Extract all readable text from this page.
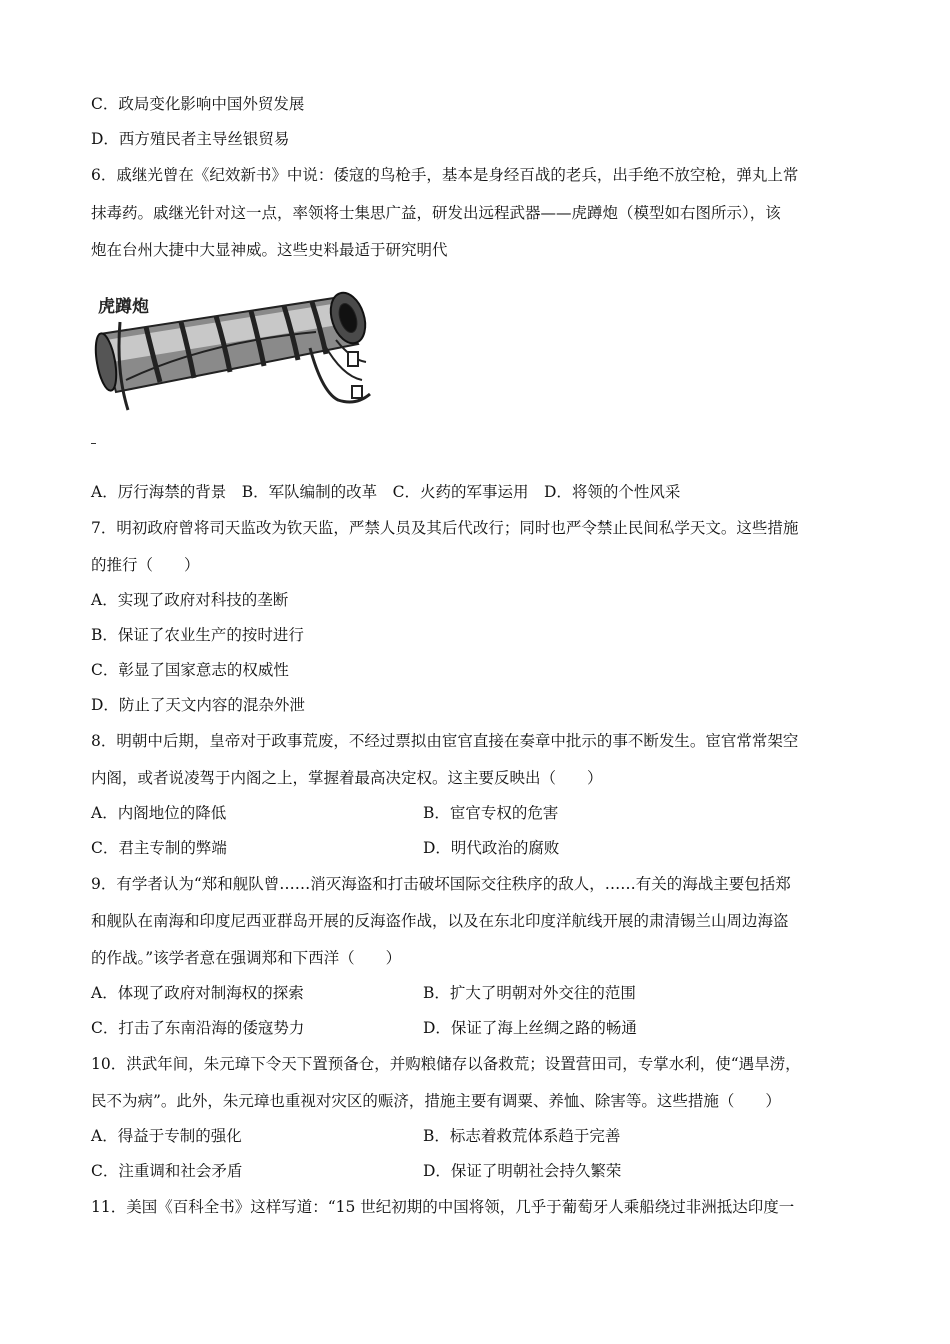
C．政局变化影响中国外贸发展
D．西方殖民者主导丝银贸易
6．戚继光曾在《纪效新书》中说：倭寇的鸟枪手，基本是身经百战的老兵，出手绝不放空枪，弹丸上常
抹毒药。戚继光针对这一点，率领将士集思广益，研发出远程武器——虎蹲炮（模型如右图所示），该
炮在台州大捷中大显神威。这些史料最适于研究明代
虎蹲炮
A．厉行海禁的背景　B．军队编制的改革　C．火药的军事运用　D．将领的个性风采
7．明初政府曾将司天监改为钦天监，严禁人员及其后代改行；同时也严令禁止民间私学天文。这些措施
的推行（　　）
A．实现了政府对科技的垄断
B．保证了农业生产的按时进行
C．彰显了国家意志的权威性
D．防止了天文内容的混杂外泄
8．明朝中后期，皇帝对于政事荒废，不经过票拟由宦官直接在奏章中批示的事不断发生。宦官常常架空
内阁，或者说凌驾于内阁之上，掌握着最高决定权。这主要反映出（　　）
A．内阁地位的降低	B．宦官专权的危害
C．君主专制的弊端	D．明代政治的腐败
9．有学者认为“郑和舰队曾……消灭海盗和打击破坏国际交往秩序的敌人，……有关的海战主要包括郑
和舰队在南海和印度尼西亚群岛开展的反海盗作战，以及在东北印度洋航线开展的肃清锡兰山周边海盗
的作战。”该学者意在强调郑和下西洋（　　）
A．体现了政府对制海权的探索	B．扩大了明朝对外交往的范围
C．打击了东南沿海的倭寇势力	D．保证了海上丝绸之路的畅通
10．洪武年间，朱元璋下令天下置预备仓，并购粮储存以备救荒；设置营田司，专掌水利，使“遇旱涝，
民不为病”。此外，朱元璋也重视对灾区的赈济，措施主要有调粟、养恤、除害等。这些措施（　　）
A．得益于专制的强化	B．标志着救荒体系趋于完善
C．注重调和社会矛盾	D．保证了明朝社会持久繁荣
11．美国《百科全书》这样写道：“15 世纪初期的中国将领，几乎于葡萄牙人乘船绕过非洲抵达印度一
